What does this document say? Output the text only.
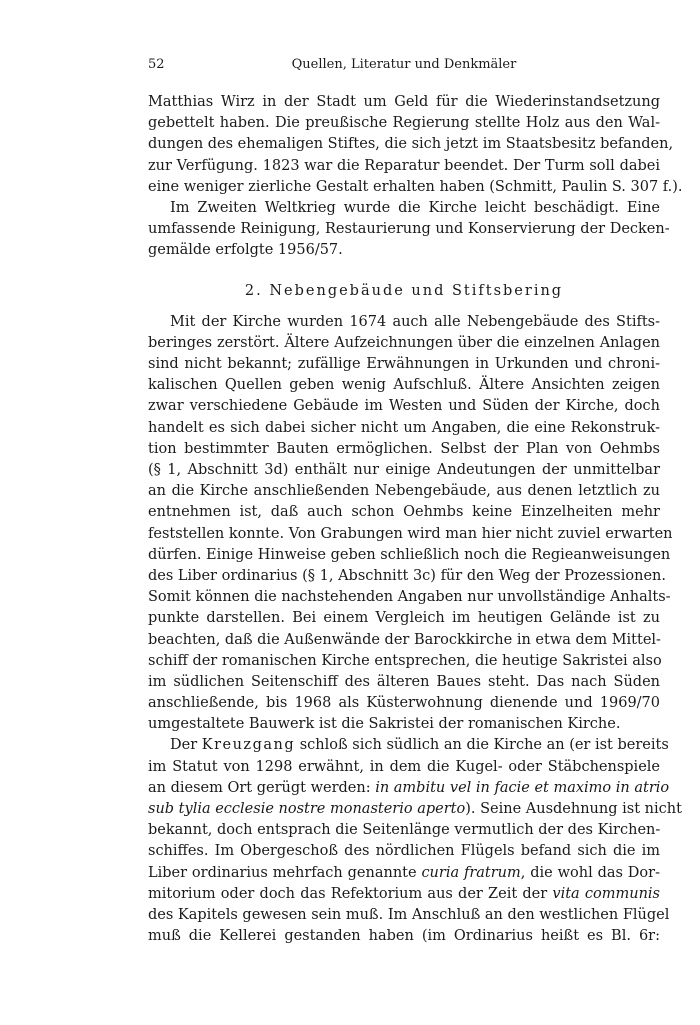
52	Quellen, Literatur und Denkmäler
Matthias Wirz in der Stadt um Geld für die Wiederinstandsetzung
gebettelt haben. Die preußische Regierung stellte Holz aus den Wal-
dungen des ehemaligen Stiftes, die sich jetzt im Staatsbesitz befanden,
zur Verfügung. 1823 war die Reparatur beendet. Der Turm soll dabei
eine weniger zierliche Gestalt erhalten haben (Schmitt, Paulin S. 307 f.).
Im Zweiten Weltkrieg wurde die Kirche leicht beschädigt. Eine
umfassende Reinigung, Restaurierung und Konservierung der Decken-
gemälde erfolgte 1956/57.
2. Nebengebäude und Stiftsbering
Mit der Kirche wurden 1674 auch alle Nebengebäude des Stifts-
beringes zerstört. Ältere Aufzeichnungen über die einzelnen Anlagen
sind nicht bekannt; zufällige Erwähnungen in Urkunden und chroni-
kalischen Quellen geben wenig Aufschluß. Ältere Ansichten zeigen
zwar verschiedene Gebäude im Westen und Süden der Kirche, doch
handelt es sich dabei sicher nicht um Angaben, die eine Rekonstruk-
tion bestimmter Bauten ermöglichen. Selbst der Plan von Oehmbs
(§ 1, Abschnitt 3d) enthält nur einige Andeutungen der unmittelbar
an die Kirche anschließenden Nebengebäude, aus denen letztlich zu
entnehmen ist, daß auch schon Oehmbs keine Einzelheiten mehr
feststellen konnte. Von Grabungen wird man hier nicht zuviel erwarten
dürfen. Einige Hinweise geben schließlich noch die Regieanweisungen
des Liber ordinarius (§ 1, Abschnitt 3c) für den Weg der Prozessionen.
Somit können die nachstehenden Angaben nur unvollständige Anhalts-
punkte darstellen. Bei einem Vergleich im heutigen Gelände ist zu
beachten, daß die Außenwände der Barockkirche in etwa dem Mittel-
schiff der romanischen Kirche entsprechen, die heutige Sakristei also
im südlichen Seitenschiff des älteren Baues steht. Das nach Süden
anschließende, bis 1968 als Küsterwohnung dienende und 1969/70
umgestaltete Bauwerk ist die Sakristei der romanischen Kirche.
Der Kreuzgang schloß sich südlich an die Kirche an (er ist bereits
im Statut von 1298 erwähnt, in dem die Kugel- oder Stäbchenspiele
an diesem Ort gerügt werden: in ambitu vel in facie et maximo in atrio
sub tylia ecclesie nostre monasterio aperto). Seine Ausdehnung ist nicht
bekannt, doch entsprach die Seitenlänge vermutlich der des Kirchen-
schiffes. Im Obergeschoß des nördlichen Flügels befand sich die im
Liber ordinarius mehrfach genannte curia fratrum, die wohl das Dor-
mitorium oder doch das Refektorium aus der Zeit der vita communis
des Kapitels gewesen sein muß. Im Anschluß an den westlichen Flügel
muß die Kellerei gestanden haben (im Ordinarius heißt es Bl. 6r:
